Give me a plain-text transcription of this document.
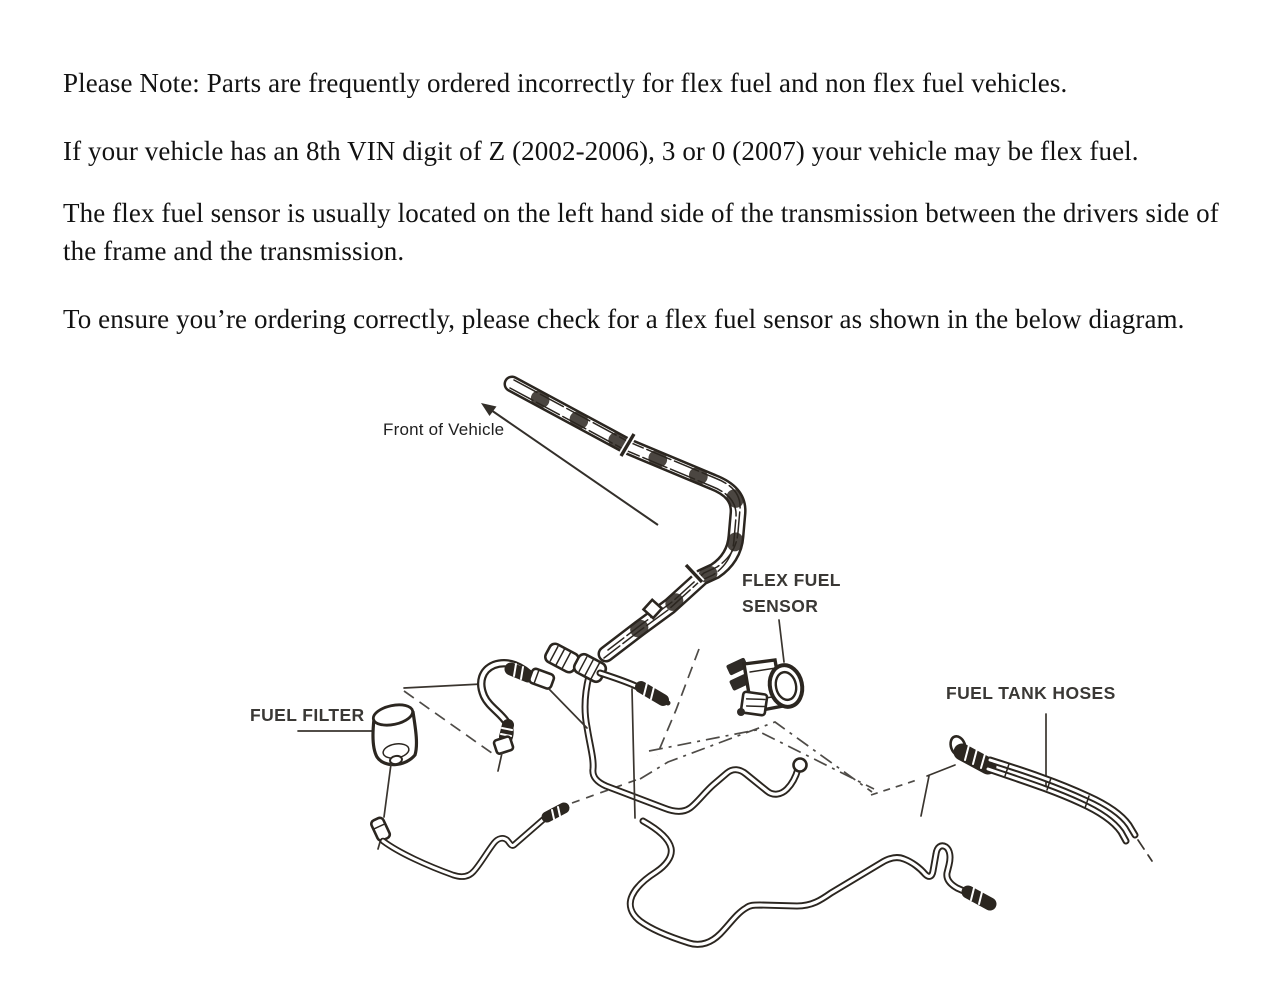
Please Note: Parts are frequently ordered incorrectly for flex fuel and non flex fuel vehicles.

If your vehicle has an 8th VIN digit of Z (2002-2006), 3 or 0 (2007) your vehicle may be flex fuel.

The flex fuel sensor is usually located on the left hand side of the transmission between the drivers side of the frame and the transmission.

To ensure you’re ordering correctly, please check for a flex fuel sensor as shown in the below diagram.

Front of Vehicle
FLEX FUEL
SENSOR
FUEL FILTER
FUEL TANK HOSES
